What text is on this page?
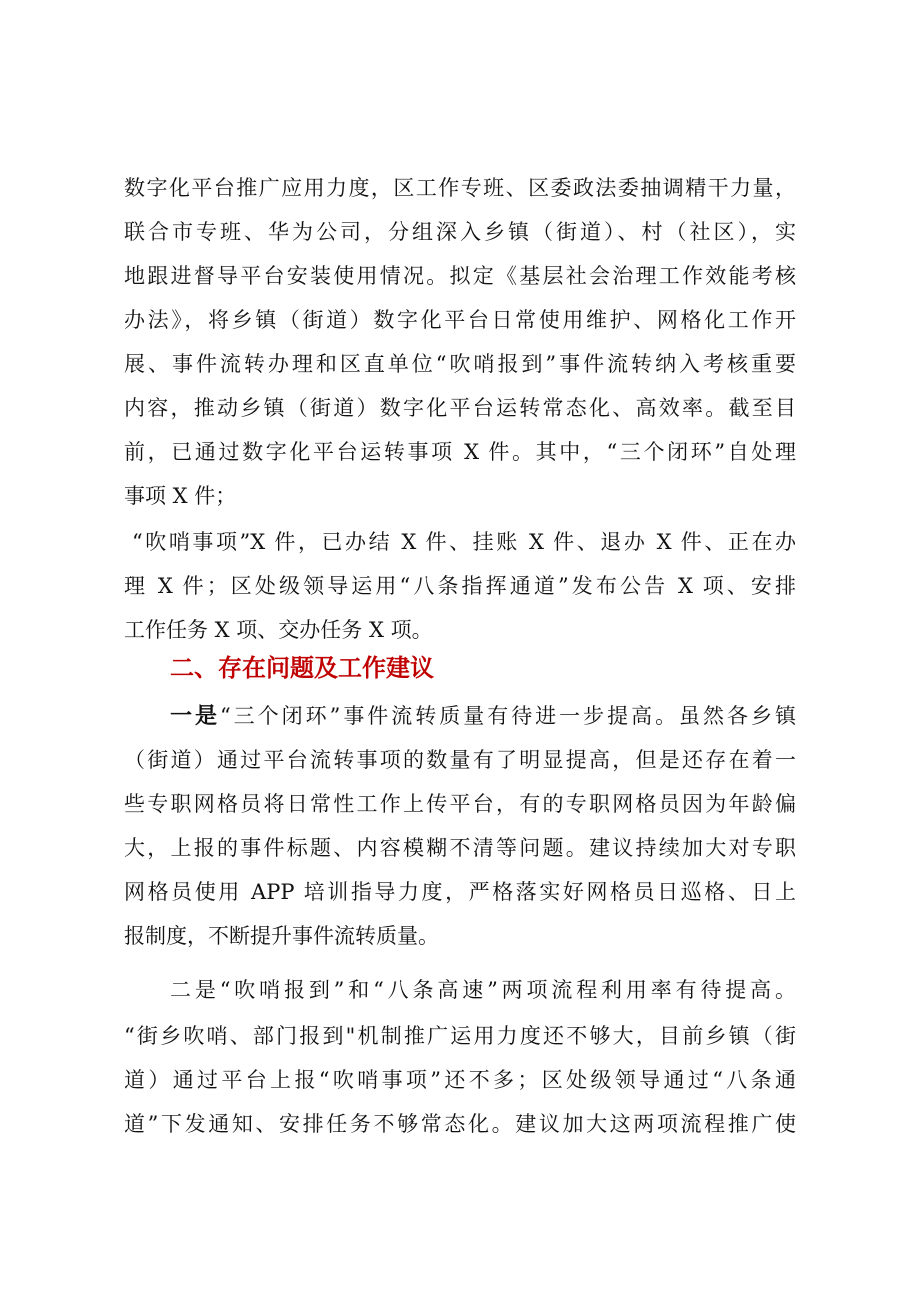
数字化平台推广应用力度，区工作专班、区委政法委抽调精干力量，
联合市专班、华为公司，分组深入乡镇（街道）、村（社区），实
地跟进督导平台安装使用情况。拟定《基层社会治理工作效能考核
办法》，将乡镇（街道）数字化平台日常使用维护、网格化工作开
展、事件流转办理和区直单位“吹哨报到”事件流转纳入考核重要
内容，推动乡镇（街道）数字化平台运转常态化、高效率。截至目
前，已通过数字化平台运转事项 X 件。其中，“三个闭环”自处理
事项 X 件；
“吹哨事项”X 件，已办结 X 件、挂账 X 件、退办 X 件、正在办
理 X 件；区处级领导运用“八条指挥通道”发布公告 X 项、安排
工作任务 X 项、交办任务 X 项。
二、存在问题及工作建议
一是“三个闭环”事件流转质量有待进一步提高。虽然各乡镇
（街道）通过平台流转事项的数量有了明显提高，但是还存在着一
些专职网格员将日常性工作上传平台，有的专职网格员因为年龄偏
大，上报的事件标题、内容模糊不清等问题。建议持续加大对专职
网格员使用 APP 培训指导力度，严格落实好网格员日巡格、日上
报制度，不断提升事件流转质量。
二是“吹哨报到”和“八条高速”两项流程利用率有待提高。
“街乡吹哨、部门报到"机制推广运用力度还不够大，目前乡镇（街
道）通过平台上报“吹哨事项”还不多；区处级领导通过“八条通
道”下发通知、安排任务不够常态化。建议加大这两项流程推广使
